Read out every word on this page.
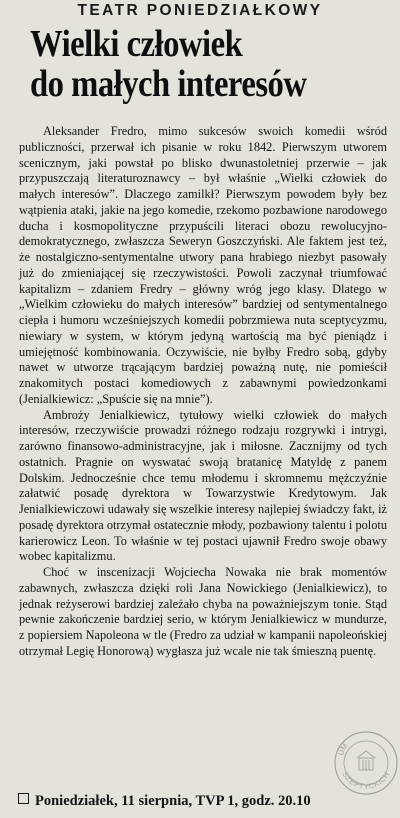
TEATR PONIEDZIAŁKOWY
Wielki człowiek
do małych interesów

Aleksander Fredro, mimo sukcesów swoich komedii wśród publiczności, przerwał ich pisanie w roku 1842. Pierwszym utworem scenicznym, jaki powstał po blisko dwunastoletniej przerwie – jak przypuszczają literaturoznawcy – był właśnie „Wielki człowiek do małych interesów”. Dlaczego zamilkł? Pierwszym powodem były bez wątpienia ataki, jakie na jego komedie, rzekomo pozbawione narodowego ducha i kosmopolityczne przypuścili literaci obozu rewolucyjno-demokratycznego, zwłaszcza Seweryn Goszczyński. Ale faktem jest też, że nostalgiczno-sentymentalne utwory pana hrabiego niezbyt pasowały już do zmieniającej się rzeczywistości. Powoli zaczynał triumfować kapitalizm – zdaniem Fredry – główny wróg jego klasy. Dlatego w „Wielkim człowieku do małych interesów” bardziej od sentymentalnego ciepła i humoru wcześniejszych komedii pobrzmiewa nuta sceptycyzmu, niewiary w system, w którym jedyną wartością ma być pieniądz i umiejętność kombinowania. Oczywiście, nie byłby Fredro sobą, gdyby nawet w utworze trącającym bardziej poważną nutę, nie pomieścił znakomitych postaci komediowych z zabawnymi powiedzonkami (Jenialkiewicz: „Spuście się na mnie”).

Ambroży Jenialkiewicz, tytułowy wielki człowiek do małych interesów, rzeczywiście prowadzi różnego rodzaju rozgrywki i intrygi, zarówno finansowo-administracyjne, jak i miłosne. Zacznijmy od tych ostatnich. Pragnie on wyswatać swoją bratanicę Matyldę z panem Dolskim. Jednocześnie chce temu młodemu i skromnemu mężczyźnie załatwić posadę dyrektora w Towarzystwie Kredytowym. Jak Jenialkiewiczowi udawały się wszelkie interesy najlepiej świadczy fakt, iż posadę dyrektora otrzymał ostatecznie młody, pozbawiony talentu i polotu karierowicz Leon. To właśnie w tej postaci ujawnił Fredro swoje obawy wobec kapitalizmu.

Choć w inscenizacji Wojciecha Nowaka nie brak momentów zabawnych, zwłaszcza dzięki roli Jana Nowickiego (Jenialkiewicz), to jednak reżyserowi bardziej zależało chyba na poważniejszym tonie. Stąd pewnie zakończenie bardziej serio, w którym Jenialkiewicz w mundurze, z popiersiem Napoleona w tle (Fredro za udział w kampanii napoleońskiej otrzymał Legię Honorową) wygłasza już wcale nie tak śmieszną puentę.

Poniedziałek, 11 sierpnia, TVP 1, godz. 20.10
SZEPTYCKICH
UM
